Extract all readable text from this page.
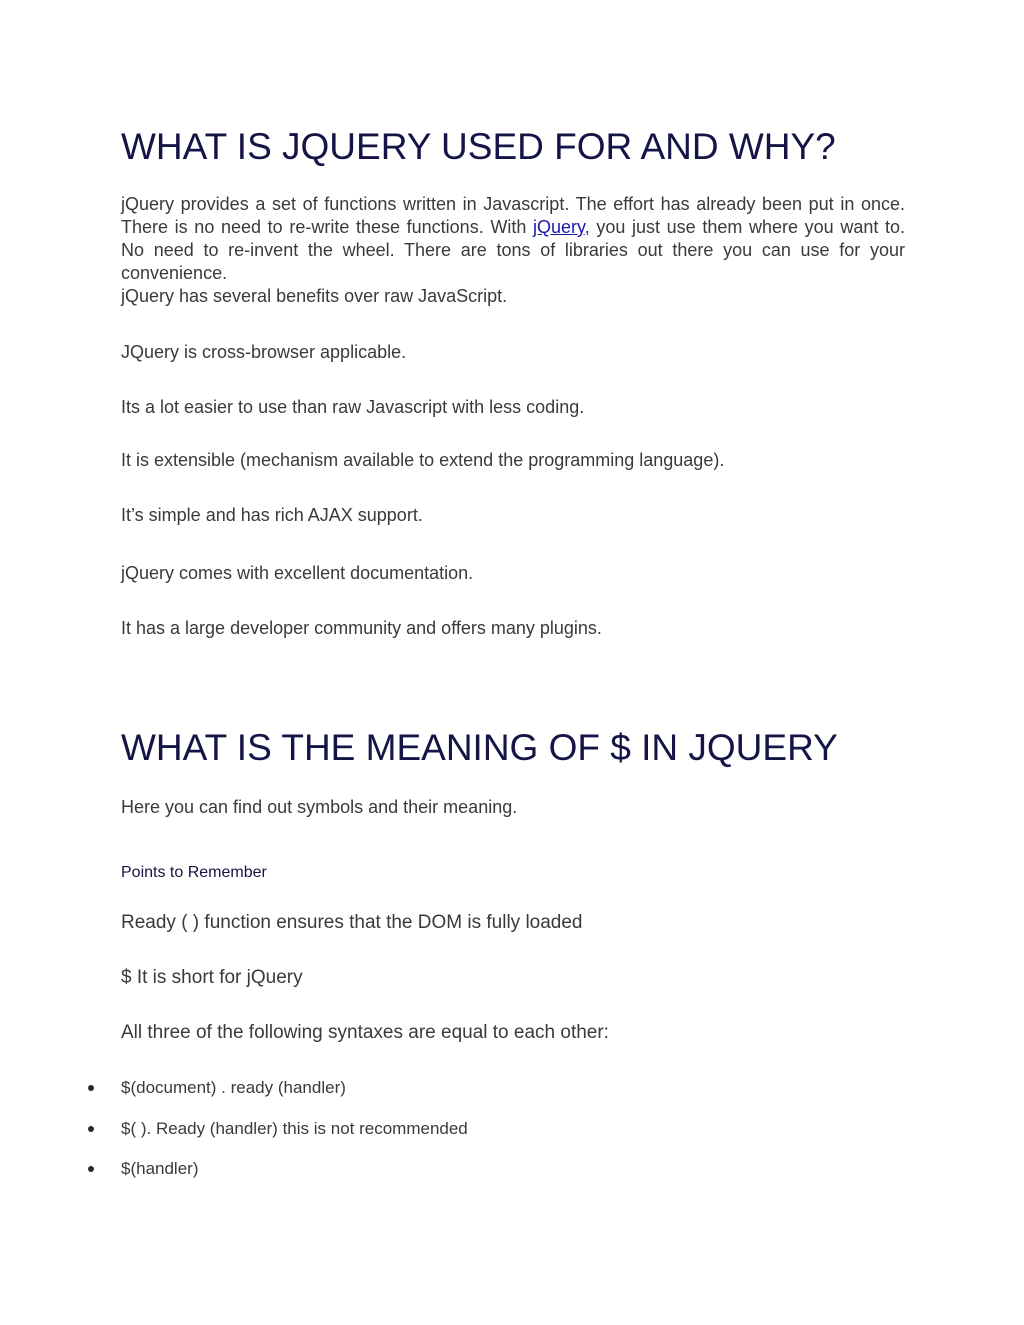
WHAT IS JQUERY USED FOR AND WHY?

jQuery provides a set of functions written in Javascript. The effort has already been put in once. There is no need to re-write these functions. With jQuery, you just use them where you want to. No need to re-invent the wheel. There are tons of libraries out there you can use for your convenience.
jQuery has several benefits over raw JavaScript.

JQuery is cross-browser applicable.

Its a lot easier to use than raw Javascript with less coding.

It is extensible (mechanism available to extend the programming language).

It’s simple and has rich AJAX support.

jQuery comes with excellent documentation.

It has a large developer community and offers many plugins.

WHAT IS THE MEANING OF $ IN JQUERY

Here you can find out symbols and their meaning.

Points to Remember

Ready ( ) function ensures that the DOM is fully loaded

$ It is short for jQuery

All three of the following syntaxes are equal to each other:

$(document) . ready (handler)
$( ). Ready (handler) this is not recommended
$(handler)
